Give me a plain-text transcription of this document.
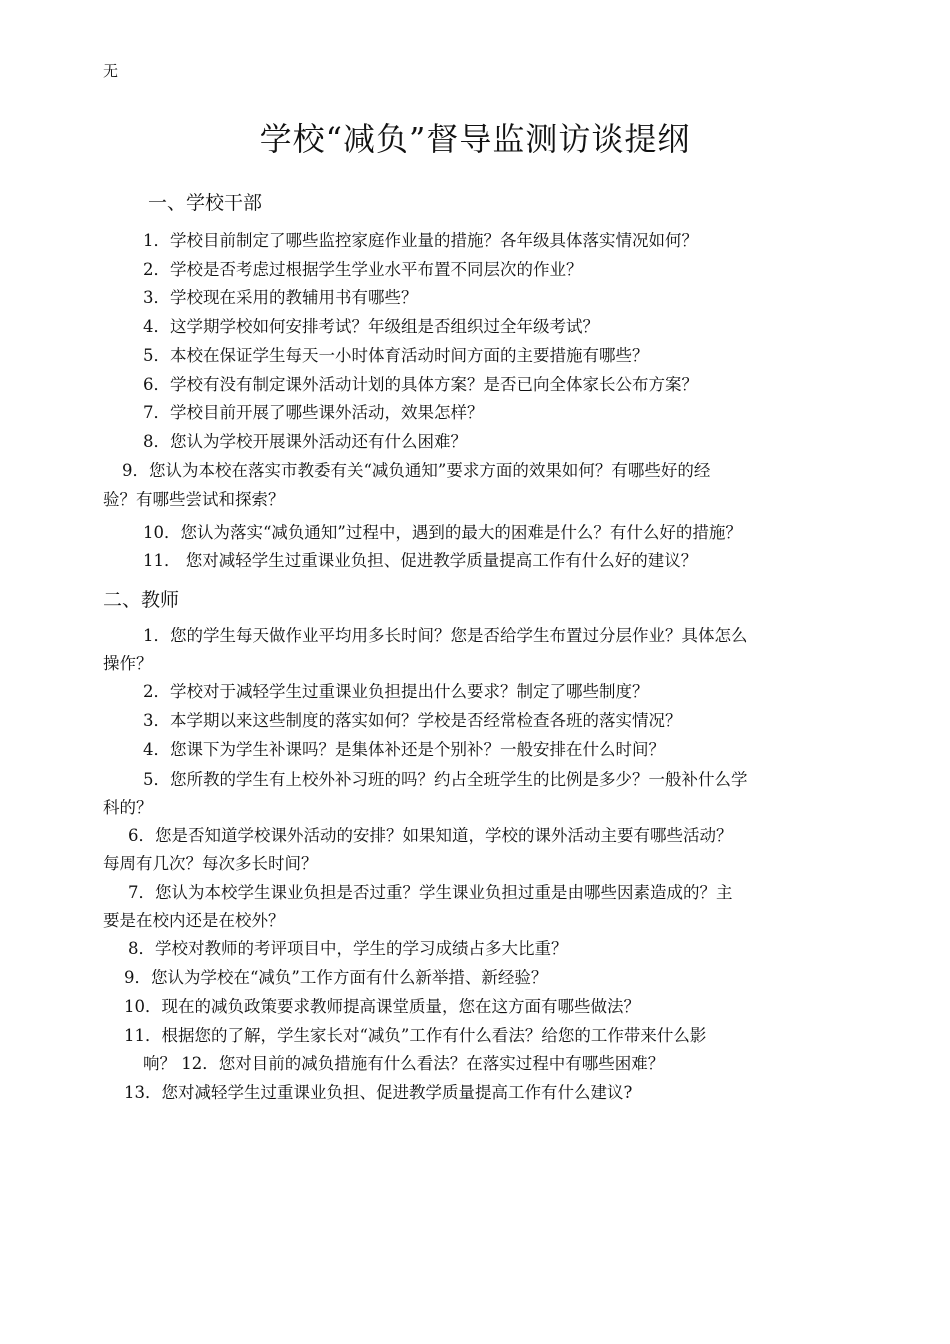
无
学校“减负”督导监测访谈提纲
一、学校干部
1．学校目前制定了哪些监控家庭作业量的措施？各年级具体落实情况如何？
2．学校是否考虑过根据学生学业水平布置不同层次的作业？
3．学校现在采用的教辅用书有哪些？
4．这学期学校如何安排考试？年级组是否组织过全年级考试？
5．本校在保证学生每天一小时体育活动时间方面的主要措施有哪些？
6．学校有没有制定课外活动计划的具体方案？是否已向全体家长公布方案？
7．学校目前开展了哪些课外活动，效果怎样？
8．您认为学校开展课外活动还有什么困难？
9．您认为本校在落实市教委有关“减负通知”要求方面的效果如何？有哪些好的经
验？有哪些尝试和探索？
10．您认为落实“减负通知”过程中，遇到的最大的困难是什么？有什么好的措施？
11． 您对减轻学生过重课业负担、促进教学质量提高工作有什么好的建议？
二、教师
1．您的学生每天做作业平均用多长时间？您是否给学生布置过分层作业？具体怎么
操作？
2．学校对于减轻学生过重课业负担提出什么要求？制定了哪些制度？
3．本学期以来这些制度的落实如何？学校是否经常检查各班的落实情况？
4．您课下为学生补课吗？是集体补还是个别补？一般安排在什么时间？
5．您所教的学生有上校外补习班的吗？约占全班学生的比例是多少？一般补什么学
科的？
6．您是否知道学校课外活动的安排？如果知道，学校的课外活动主要有哪些活动？
每周有几次？每次多长时间？
7．您认为本校学生课业负担是否过重？学生课业负担过重是由哪些因素造成的？主
要是在校内还是在校外？
8．学校对教师的考评项目中，学生的学习成绩占多大比重？
9．您认为学校在“减负”工作方面有什么新举措、新经验？
10．现在的减负政策要求教师提高课堂质量，您在这方面有哪些做法？
11．根据您的了解，学生家长对“减负”工作有什么看法？给您的工作带来什么影
响？ 12．您对目前的减负措施有什么看法？在落实过程中有哪些困难？
13．您对减轻学生过重课业负担、促进教学质量提高工作有什么建议?
